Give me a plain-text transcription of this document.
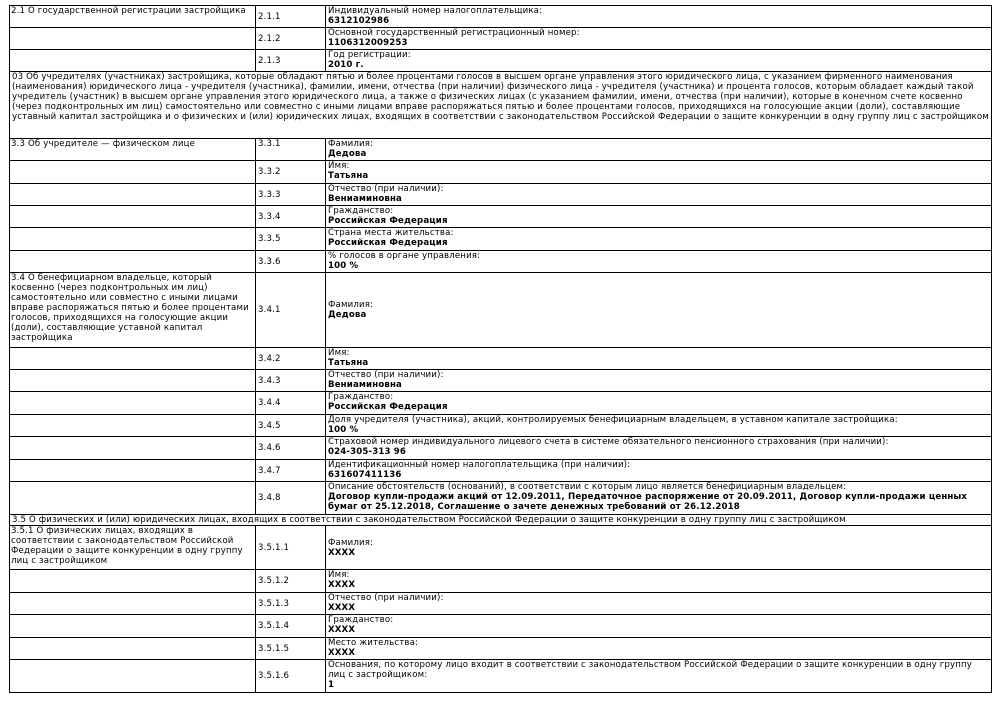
2.1 О государственной регистрации застройщика	2.1.1	Индивидуальный номер налогоплательщика:
6312102986

	2.1.2	Основной государственный регистрационный номер:
1106312009253

	2.1.3	Год регистрации:
2010 г.

03 Об учредителях (участниках) застройщика, которые обладают пятью и более процентами голосов в высшем органе управления этого юридического лица, с указанием фирменного наименования (наименования) юридического лица - учредителя (участника), фамилии, имени, отчества (при наличии) физического лица - учредителя (участника) и процента голосов, которым обладает каждый такой учредитель (участник) в высшем органе управления этого юридического лица, а также о физических лицах (с указанием фамилии, имени, отчества (при наличии), которые в конечном счете косвенно (через подконтрольных им лиц) самостоятельно или совместно с иными лицами вправе распоряжаться пятью и более процентами голосов, приходящихся на голосующие акции (доли), составляющие уставный капитал застройщика и о физических и (или) юридических лицах, входящих в соответствии с законодательством Российской Федерации о защите конкуренции в одну группу лиц с застройщиком		
3.3 Об учредителе — физическом лице	3.3.1	Фамилия:
Дедова

	3.3.2	Имя:
Татьяна

	3.3.3	Отчество (при наличии):
Вениаминовна

	3.3.4	Гражданство:
Российская Федерация

	3.3.5	Страна места жительства:
Российская Федерация

	3.3.6	% голосов в органе управления:
100 %

3.4 О бенефициарном владельце, который косвенно (через подконтрольных им лиц) самостоятельно или совместно с иными лицами вправе распоряжаться пятью и более процентами голосов, приходящихся на голосующие акции (доли), составляющие уставной капитал застройщика	3.4.1	Фамилия:
Дедова

	3.4.2	Имя:
Татьяна

	3.4.3	Отчество (при наличии):
Вениаминовна

	3.4.4	Гражданство:
Российская Федерация

	3.4.5	Доля учредителя (участника), акций, контролируемых бенефициарным владельцем, в уставном капитале застройщика:
100 %

	3.4.6	Страховой номер индивидуального лицевого счета в системе обязательного пенсионного страхования (при наличии):
024-305-313 96

	3.4.7	Идентификационный номер налогоплательщика (при наличии):
631607411136

	3.4.8	Описание обстоятельств (оснований), в соответствии с которым лицо является бенефициарным владельцем:
Договор купли-продажи акций от 12.09.2011, Передаточное распоряжение от 20.09.2011, Договор купли-продажи ценных бумаг от 25.12.2018, Соглашение о зачете денежных требований от 26.12.2018

3.5 О физических и (или) юридических лицах, входящих в соответствии с законодательством Российской Федерации о защите конкуренции в одну группу лиц с застройщиком		
3.5.1 О физических лицах, входящих в соответствии с законодательством Российской Федерации о защите конкуренции в одну группу лиц с застройщиком	3.5.1.1	Фамилия:
ХХХХ

	3.5.1.2	Имя:
ХХХХ

	3.5.1.3	Отчество (при наличии):
ХХХХ

	3.5.1.4	Гражданство:
ХХХХ

	3.5.1.5	Место жительства:
ХХХХ

	3.5.1.6	Основания, по которому лицо входит в соответствии с законодательством Российской Федерации о защите конкуренции в одну группу лиц с застройщиком:
1
